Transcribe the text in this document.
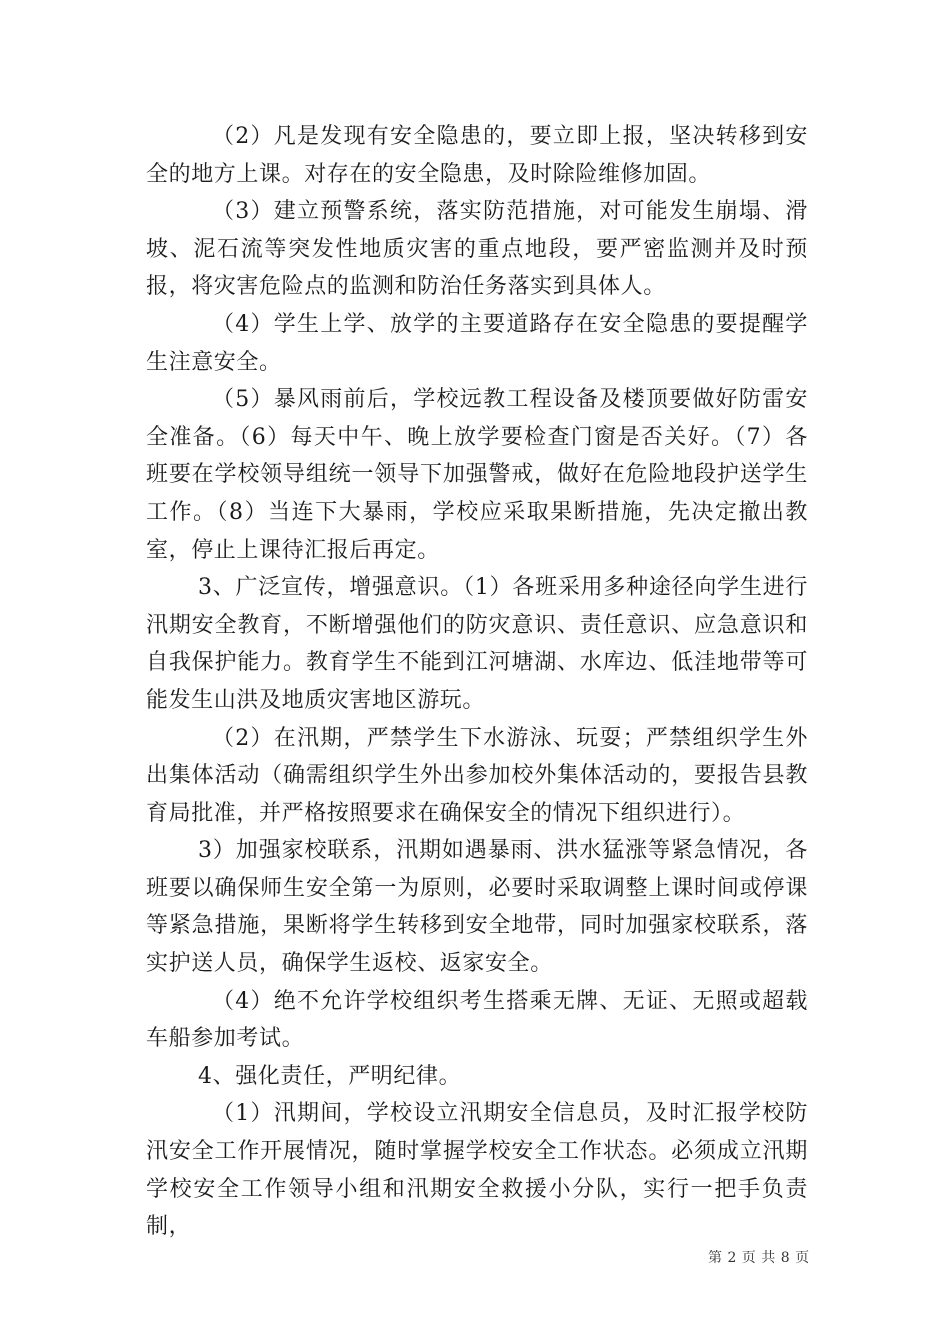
（2）凡是发现有安全隐患的，要立即上报，坚决转移到安全的地方上课。对存在的安全隐患，及时除险维修加固。

（3）建立预警系统，落实防范措施，对可能发生崩塌、滑坡、泥石流等突发性地质灾害的重点地段，要严密监测并及时预报，将灾害危险点的监测和防治任务落实到具体人。

（4）学生上学、放学的主要道路存在安全隐患的要提醒学生注意安全。

（5）暴风雨前后，学校远教工程设备及楼顶要做好防雷安全准备。（6）每天中午、晚上放学要检查门窗是否关好。（7）各班要在学校领导组统一领导下加强警戒，做好在危险地段护送学生工作。（8）当连下大暴雨，学校应采取果断措施，先决定撤出教室，停止上课待汇报后再定。

3、广泛宣传，增强意识。（1）各班采用多种途径向学生进行汛期安全教育，不断增强他们的防灾意识、责任意识、应急意识和自我保护能力。教育学生不能到江河塘湖、水库边、低洼地带等可能发生山洪及地质灾害地区游玩。

（2）在汛期，严禁学生下水游泳、玩耍；严禁组织学生外出集体活动（确需组织学生外出参加校外集体活动的，要报告县教育局批准，并严格按照要求在确保安全的情况下组织进行）。

3）加强家校联系，汛期如遇暴雨、洪水猛涨等紧急情况，各班要以确保师生安全第一为原则，必要时采取调整上课时间或停课等紧急措施，果断将学生转移到安全地带，同时加强家校联系，落实护送人员，确保学生返校、返家安全。

（4）绝不允许学校组织考生搭乘无牌、无证、无照或超载车船参加考试。

4、强化责任，严明纪律。

（1）汛期间，学校设立汛期安全信息员，及时汇报学校防汛安全工作开展情况，随时掌握学校安全工作状态。必须成立汛期学校安全工作领导小组和汛期安全救援小分队，实行一把手负责制，

第 2 页 共 8 页
